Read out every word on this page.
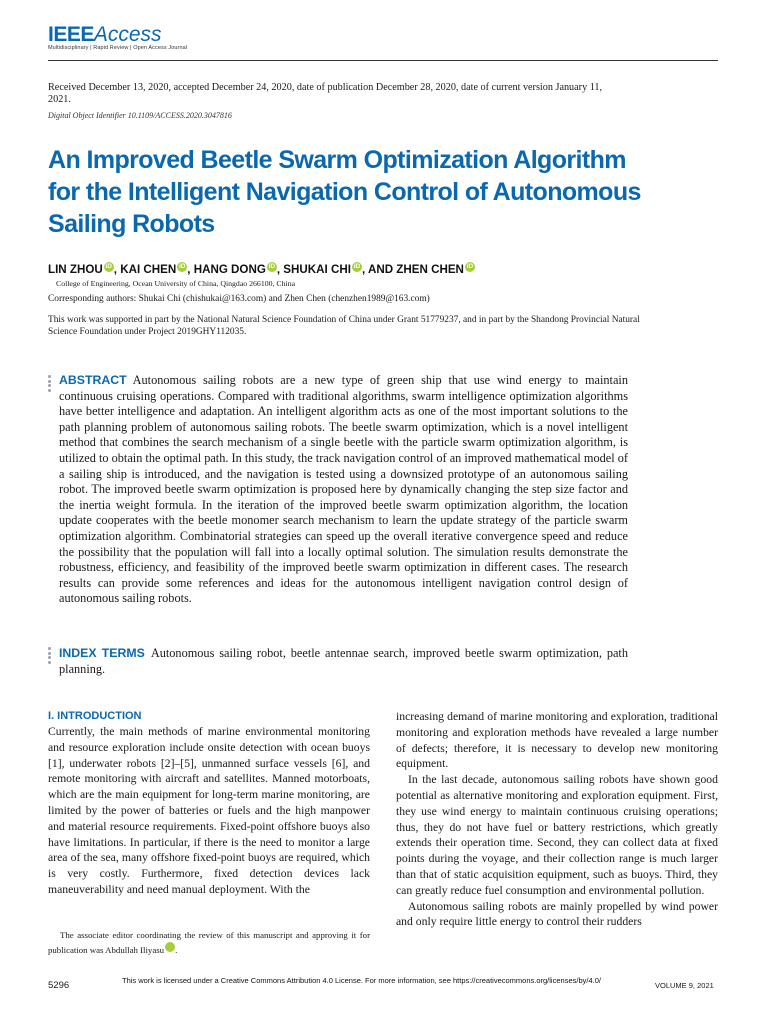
IEEEAccess
Multidisciplinary | Rapid Review | Open Access Journal
Received December 13, 2020, accepted December 24, 2020, date of publication December 28, 2020, date of current version January 11, 2021.
Digital Object Identifier 10.1109/ACCESS.2020.3047816
An Improved Beetle Swarm Optimization Algorithm for the Intelligent Navigation Control of Autonomous Sailing Robots
LIN ZHOU iD , KAI CHEN iD , HANG DONG iD , SHUKAI CHI iD , AND ZHEN CHEN iD
College of Engineering, Ocean University of China, Qingdao 266100, China
Corresponding authors: Shukai Chi (chishukai@163.com) and Zhen Chen (chenzhen1989@163.com)
This work was supported in part by the National Natural Science Foundation of China under Grant 51779237, and in part by the Shandong Provincial Natural Science Foundation under Project 2019GHY112035.
ABSTRACT Autonomous sailing robots are a new type of green ship that use wind energy to maintain continuous cruising operations. Compared with traditional algorithms, swarm intelligence optimization algorithms have better intelligence and adaptation. An intelligent algorithm acts as one of the most important solutions to the path planning problem of autonomous sailing robots. The beetle swarm optimization, which is a novel intelligent method that combines the search mechanism of a single beetle with the particle swarm optimization algorithm, is utilized to obtain the optimal path. In this study, the track navigation control of an improved mathematical model of a sailing ship is introduced, and the navigation is tested using a downsized prototype of an autonomous sailing robot. The improved beetle swarm optimization is proposed here by dynamically changing the step size factor and the inertia weight formula. In the iteration of the improved beetle swarm optimization algorithm, the location update cooperates with the beetle monomer search mechanism to learn the update strategy of the particle swarm optimization algorithm. Combinatorial strategies can speed up the overall iterative convergence speed and reduce the possibility that the population will fall into a locally optimal solution. The simulation results demonstrate the robustness, efficiency, and feasibility of the improved beetle swarm optimization in different cases. The research results can provide some references and ideas for the autonomous intelligent navigation control design of autonomous sailing robots.
INDEX TERMS Autonomous sailing robot, beetle antennae search, improved beetle swarm optimization, path planning.
I. INTRODUCTION

Currently, the main methods of marine environmental monitoring and resource exploration include onsite detection with ocean buoys [1], underwater robots [2]–[5], unmanned surface vessels [6], and remote monitoring with aircraft and satellites. Manned motorboats, which are the main equipment for long-term marine monitoring, are limited by the power of batteries or fuels and the high manpower and material resource requirements. Fixed-point offshore buoys also have limitations. In particular, if there is the need to monitor a large area of the sea, many offshore fixed-point buoys are required, which is very costly. Furthermore, fixed detection devices lack maneuverability and need manual deployment. With the

increasing demand of marine monitoring and exploration, traditional monitoring and exploration methods have revealed a large number of defects; therefore, it is necessary to develop new monitoring equipment.

In the last decade, autonomous sailing robots have shown good potential as alternative monitoring and exploration equipment. First, they use wind energy to maintain continuous cruising operations; thus, they do not have fuel or battery restrictions, which greatly extends their operation time. Second, they can collect data at fixed points during the voyage, and their collection range is much larger than that of static acquisition equipment, such as buoys. Third, they can greatly reduce fuel consumption and environmental pollution.

Autonomous sailing robots are mainly propelled by wind power and only require little energy to control their rudders

The associate editor coordinating the review of this manuscript and approving it for publication was Abdullah Iliyasu iD.
5296	This work is licensed under a Creative Commons Attribution 4.0 License. For more information, see https://creativecommons.org/licenses/by/4.0/
VOLUME 9, 2021
